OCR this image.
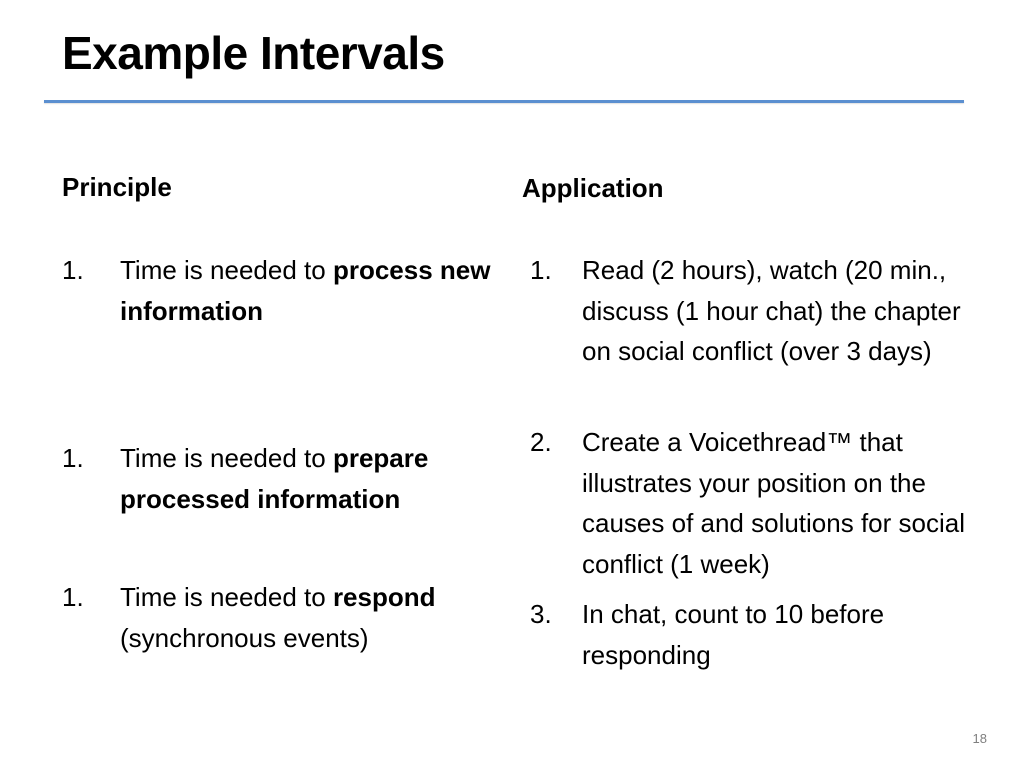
Example Intervals
Principle	Application
1. Time is needed to process new information
1. Time is needed to prepare processed information
1. Time is needed to respond (synchronous events)
1. Read (2 hours), watch (20 min., discuss (1 hour chat) the chapter on social conflict (over 3 days)
2. Create a Voicethread™ that illustrates your position on the causes of and solutions for social conflict (1 week)
3. In chat, count to 10 before responding
18
